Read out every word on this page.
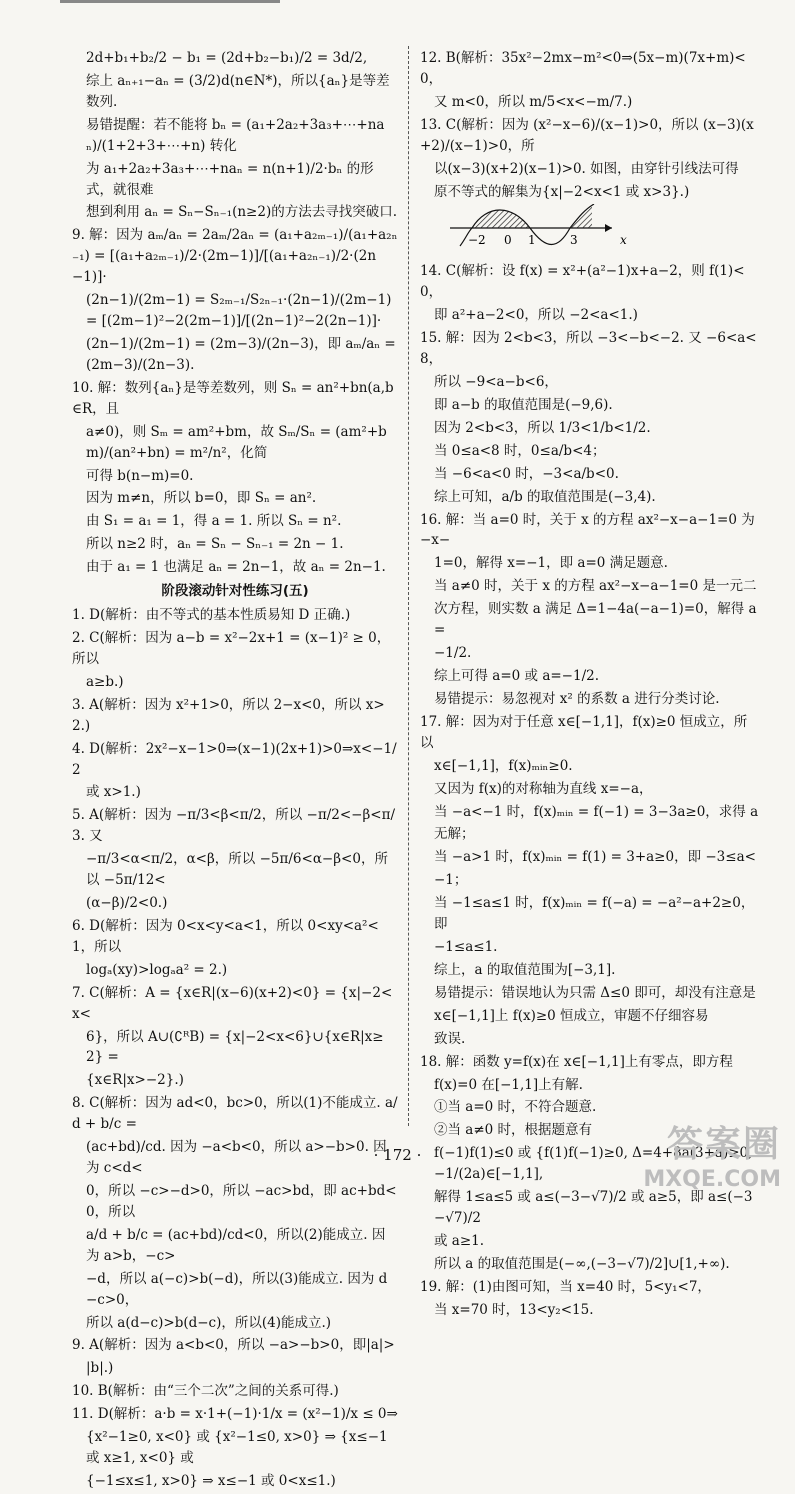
2d+b₁+b₂/2 − b₁ = (2d+b₂−b₁)/2 = 3d/2,
综上 aₙ₊₁−aₙ = (3/2)d(n∈N*)，所以{aₙ}是等差数列.
易错提醒：若不能将 bₙ = (a₁+2a₂+3a₃+⋯+naₙ)/(1+2+3+⋯+n) 转化
为 a₁+2a₂+3a₃+⋯+naₙ = n(n+1)/2·bₙ 的形式，就很难
想到利用 aₙ = Sₙ−Sₙ₋₁(n≥2)的方法去寻找突破口.
9. 解：因为 aₘ/aₙ = 2aₘ/2aₙ = (a₁+a₂ₘ₋₁)/(a₁+a₂ₙ₋₁) = [(a₁+a₂ₘ₋₁)/2·(2m−1)]/[(a₁+a₂ₙ₋₁)/2·(2n−1)]·
(2n−1)/(2m−1) = S₂ₘ₋₁/S₂ₙ₋₁·(2n−1)/(2m−1) = [(2m−1)²−2(2m−1)]/[(2n−1)²−2(2n−1)]·
(2n−1)/(2m−1) = (2m−3)/(2n−3)，即 aₘ/aₙ = (2m−3)/(2n−3).
10. 解：数列{aₙ}是等差数列，则 Sₙ = an²+bn(a,b∈R，且
a≠0)，则 Sₘ = am²+bm，故 Sₘ/Sₙ = (am²+bm)/(an²+bn) = m²/n²，化简
可得 b(n−m)=0.
因为 m≠n，所以 b=0，即 Sₙ = an².
由 S₁ = a₁ = 1，得 a = 1. 所以 Sₙ = n².
所以 n≥2 时，aₙ = Sₙ − Sₙ₋₁ = 2n − 1.
由于 a₁ = 1 也满足 aₙ = 2n−1，故 aₙ = 2n−1.
阶段滚动针对性练习(五)
1. D(解析：由不等式的基本性质易知 D 正确.)
2. C(解析：因为 a−b = x²−2x+1 = (x−1)² ≥ 0，所以
a≥b.)
3. A(解析：因为 x²+1>0，所以 2−x<0，所以 x>2.)
4. D(解析：2x²−x−1>0⇒(x−1)(2x+1)>0⇒x<−1/2
或 x>1.)
5. A(解析：因为 −π/3<β<π/2，所以 −π/2<−β<π/3. 又
−π/3<α<π/2，α<β，所以 −5π/6<α−β<0，所以 −5π/12<
(α−β)/2<0.)
6. D(解析：因为 0<x<y<a<1，所以 0<xy<a²<1，所以
logₐ(xy)>logₐa² = 2.)
7. C(解析：A = {x∈R|(x−6)(x+2)<0} = {x|−2<x<
6}，所以 A∪(∁ᴿB) = {x|−2<x<6}∪{x∈R|x≥2} =
{x∈R|x>−2}.)
8. C(解析：因为 ad<0，bc>0，所以(1)不能成立. a/d + b/c =
(ac+bd)/cd. 因为 −a<b<0，所以 a>−b>0. 因为 c<d<
0，所以 −c>−d>0，所以 −ac>bd，即 ac+bd<0，所以
a/d + b/c = (ac+bd)/cd<0，所以(2)能成立. 因为 a>b，−c>
−d，所以 a(−c)>b(−d)，所以(3)能成立. 因为 d−c>0，
所以 a(d−c)>b(d−c)，所以(4)能成立.)
9. A(解析：因为 a<b<0，所以 −a>−b>0，即|a|>
|b|.)
10. B(解析：由“三个二次”之间的关系可得.)
11. D(解析：a·b = x·1+(−1)·1/x = (x²−1)/x ≤ 0⇒
{x²−1≥0, x<0} 或 {x²−1≤0, x>0} ⇒ {x≤−1 或 x≥1, x<0} 或
{−1≤x≤1, x>0} ⇒ x≤−1 或 0<x≤1.)
12. B(解析：35x²−2mx−m²<0⇒(5x−m)(7x+m)<0，
又 m<0，所以 m/5<x<−m/7.)
13. C(解析：因为 (x²−x−6)/(x−1)>0，所以 (x−3)(x+2)/(x−1)>0，所
以(x−3)(x+2)(x−1)>0. 如图，由穿针引线法可得
原不等式的解集为{x|−2<x<1 或 x>3}.)
−2 0 1	3	x
14. C(解析：设 f(x) = x²+(a²−1)x+a−2，则 f(1)<0，
即 a²+a−2<0，所以 −2<a<1.)
15. 解：因为 2<b<3，所以 −3<−b<−2. 又 −6<a<8，
所以 −9<a−b<6，
即 a−b 的取值范围是(−9,6).
因为 2<b<3，所以 1/3<1/b<1/2.
当 0≤a<8 时，0≤a/b<4；
当 −6<a<0 时，−3<a/b<0.
综上可知，a/b 的取值范围是(−3,4).
16. 解：当 a=0 时，关于 x 的方程 ax²−x−a−1=0 为 −x−
1=0，解得 x=−1，即 a=0 满足题意.
当 a≠0 时，关于 x 的方程 ax²−x−a−1=0 是一元二
次方程，则实数 a 满足 Δ=1−4a(−a−1)=0，解得 a=
−1/2.
综上可得 a=0 或 a=−1/2.
易错提示：易忽视对 x² 的系数 a 进行分类讨论.
17. 解：因为对于任意 x∈[−1,1]，f(x)≥0 恒成立，所以
x∈[−1,1]，f(x)ₘᵢₙ≥0.
又因为 f(x)的对称轴为直线 x=−a，
当 −a<−1 时，f(x)ₘᵢₙ = f(−1) = 3−3a≥0，求得 a
无解；
当 −a>1 时，f(x)ₘᵢₙ = f(1) = 3+a≥0，即 −3≤a<
−1；
当 −1≤a≤1 时，f(x)ₘᵢₙ = f(−a) = −a²−a+2≥0，即
−1≤a≤1.
综上，a 的取值范围为[−3,1].
易错提示：错误地认为只需 Δ≤0 即可，却没有注意是
x∈[−1,1]上 f(x)≥0 恒成立，审题不仔细容易
致误.
18. 解：函数 y=f(x)在 x∈[−1,1]上有零点，即方程
f(x)=0 在[−1,1]上有解.
①当 a=0 时，不符合题意.
②当 a≠0 时，根据题意有
f(−1)f(1)≤0 或 {f(1)f(−1)≥0, Δ=4+8a(3+a)≥0, −1/(2a)∈[−1,1],
解得 1≤a≤5 或 a≤(−3−√7)/2 或 a≥5，即 a≤(−3−√7)/2
或 a≥1.
所以 a 的取值范围是(−∞,(−3−√7)/2]∪[1,+∞).
19. 解：(1)由图可知，当 x=40 时，5<y₁<7，
当 x=70 时，13<y₂<15.
· 172 ·	答案圈
MXQE.COM
